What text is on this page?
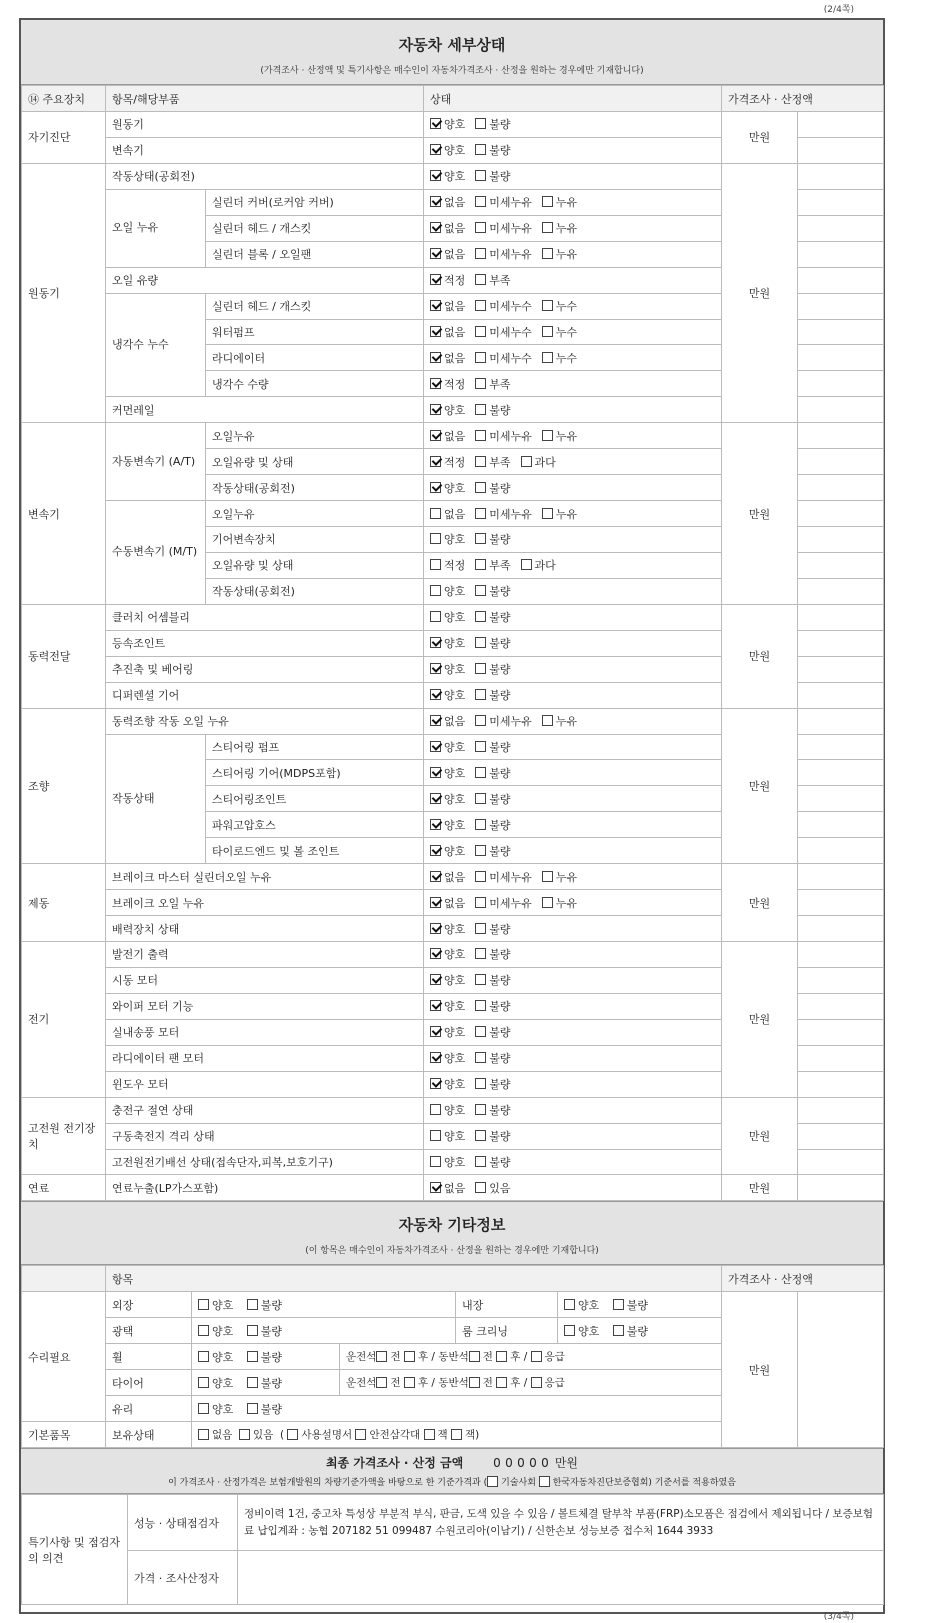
(2/4쪽)
자동차 세부상태
(가격조사 · 산정액 및 특기사항은 매수인이 자동차가격조사 · 산정을 원하는 경우에만 기재합니다)
⑭ 주요장치	항목/해당부품		상태	가격조사 · 산정액	
자기진단	원동기		양호 불량	만원	
	변속기		양호 불량		
원동기	작동상태(공회전)		양호 불량	만원	
	오일 누유	실린더 커버(로커암 커버)	없음 미세누유 누유		
		실린더 헤드 / 개스킷	없음 미세누유 누유		
		실린더 블록 / 오일팬	없음 미세누유 누유		
	오일 유량		적정 부족		
	냉각수 누수	실린더 헤드 / 개스킷	없음 미세누수 누수		
		워터펌프	없음 미세누수 누수		
		라디에이터	없음 미세누수 누수		
		냉각수 수량	적정 부족		
	커먼레일		양호 불량		
변속기	자동변속기 (A/T)	오일누유	없음 미세누유 누유	만원	
		오일유량 및 상태	적정 부족 과다		
		작동상태(공회전)	양호 불량		
	수동변속기 (M/T)	오일누유	없음 미세누유 누유		
		기어변속장치	양호 불량		
		오일유량 및 상태	적정 부족 과다		
		작동상태(공회전)	양호 불량		
동력전달	클러치 어셈블리		양호 불량	만원	
	등속조인트		양호 불량		
	추진축 및 베어링		양호 불량		
	디퍼렌셜 기어		양호 불량		
조향	동력조향 작동 오일 누유		없음 미세누유 누유	만원	
	작동상태	스티어링 펌프	양호 불량		
		스티어링 기어(MDPS포함)	양호 불량		
		스티어링조인트	양호 불량		
		파워고압호스	양호 불량		
		타이로드엔드 및 볼 조인트	양호 불량		
제동	브레이크 마스터 실린더오일 누유		없음 미세누유 누유	만원	
	브레이크 오일 누유		없음 미세누유 누유		
	배력장치 상태		양호 불량		
전기	발전기 출력		양호 불량	만원	
	시동 모터		양호 불량		
	와이퍼 모터 기능		양호 불량		
	실내송풍 모터		양호 불량		
	라디에이터 팬 모터		양호 불량		
	윈도우 모터		양호 불량		
고전원 전기장치	충전구 절연 상태		양호 불량	만원	
	구동축전지 격리 상태		양호 불량		
	고전원전기배선 상태(접속단자,피복,보호기구)		양호 불량		
연료	연료누출(LP가스포함)		없음 있음	만원	
자동차 기타정보
(이 항목은 매수인이 자동차가격조사 · 산정을 원하는 경우에만 기재합니다)
	항목					가격조사 · 산정액	
수리필요	외장	양호 불량		내장	양호 불량	만원	
	광택	양호 불량		룸 크리닝	양호 불량		
	휠	양호 불량	운전석 전 후 / 동반석 전 후 / 응급				
	타이어	양호 불량	운전석 전 후 / 동반석 전 후 / 응급				
	유리	양호 불량					
기본품목	보유상태	없음 있음  ( 사용설명서 안전삼각대 잭 잭)					
최종 가격조사 · 산정 금액	0 0 0 0 0 만원
이 가격조사 · 산정가격은 보험개발원의 차량기준가액을 바탕으로 한 기준가격과 ( 기술사회 한국자동차진단보증협회) 기준서를 적용하였음
특기사항 및 점검자의 의견	성능 · 상태점검자	정비이력 1건, 중고차 특성상 부분적 부식, 판금, 도색 있을 수 있음 / 볼트체결 탈부착 부품(FRP)소모품은 점검에서 제외됩니다 / 보증보험료 납입계좌 : 농협 207182 51 099487 수원코리아(이남기) / 신한손보 성능보증 접수처 1644 3933
	가격 · 조사산정자	
(3/4쪽)
